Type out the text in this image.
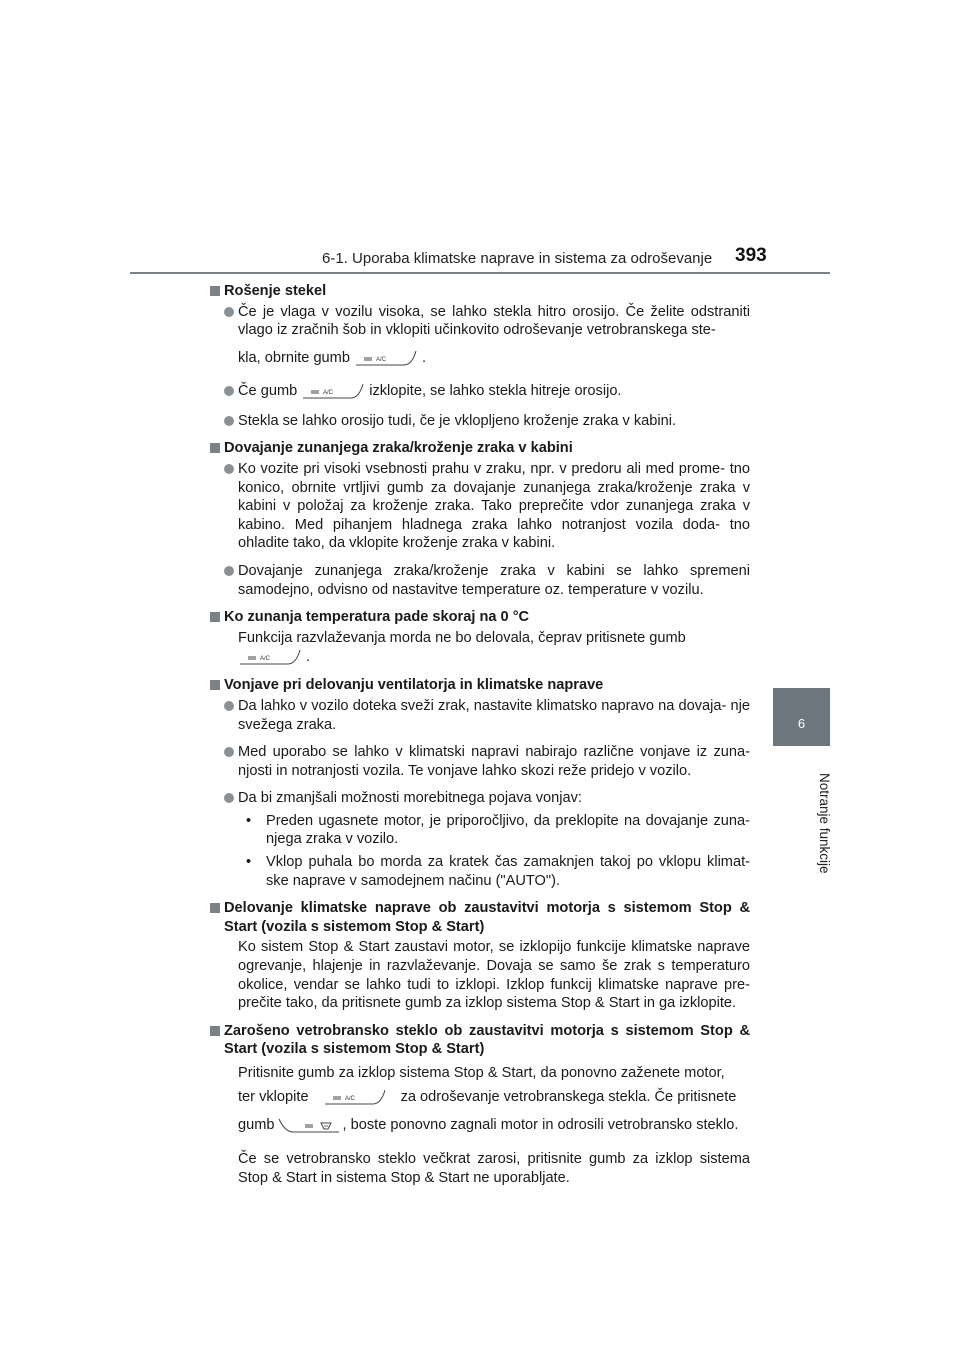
6-1. Uporaba klimatske naprave in sistema za odroševanje 393
6
Notranje funkcije
Rošenje stekel
Če je vlaga v vozilu visoka, se lahko stekla hitro orosijo. Če želite odstraniti vlago iz zračnih šob in vklopiti učinkovito odroševanje vetrobranskega ste-
kla, obrnite gumb	A/C .
Če gumb	A/C izklopite, se lahko stekla hitreje orosijo.
Stekla se lahko orosijo tudi, če je vklopljeno kroženje zraka v kabini.
Dovajanje zunanjega zraka/kroženje zraka v kabini
Ko vozite pri visoki vsebnosti prahu v zraku, npr. v predoru ali med prome- tno konico, obrnite vrtljivi gumb za dovajanje zunanjega zraka/kroženje zraka v kabini v položaj za kroženje zraka. Tako preprečite vdor zunanjega zraka v kabino. Med pihanjem hladnega zraka lahko notranjost vozila doda- tno ohladite tako, da vklopite kroženje zraka v kabini.
Dovajanje zunanjega zraka/kroženje zraka v kabini se lahko spremeni samodejno, odvisno od nastavitve temperature oz. temperature v vozilu.
Ko zunanja temperatura pade skoraj na 0 °C
Funkcija razvlaževanja morda ne bo delovala, čeprav pritisnete gumb

A/C .
Vonjave pri delovanju ventilatorja in klimatske naprave
Da lahko v vozilo doteka sveži zrak, nastavite klimatsko napravo na dovaja- nje svežega zraka.
Med uporabo se lahko v klimatski napravi nabirajo različne vonjave iz zuna- njosti in notranjosti vozila. Te vonjave lahko skozi reže pridejo v vozilo.
Da bi zmanjšali možnosti morebitnega pojava vonjav:
• Preden ugasnete motor, je priporočljivo, da preklopite na dovajanje zuna- njega zraka v vozilo.
• Vklop puhala bo morda za kratek čas zamaknjen takoj po vklopu klimat- ske naprave v samodejnem načinu ("AUTO").
Delovanje klimatske naprave ob zaustavitvi motorja s sistemom Stop & Start (vozila s sistemom Stop & Start)
Ko sistem Stop & Start zaustavi motor, se izklopijo funkcije klimatske naprave ogrevanje, hlajenje in razvlaževanje. Dovaja se samo še zrak s temperaturo okolice, vendar se lahko tudi to izklopi. Izklop funkcij klimatske naprave pre- prečite tako, da pritisnete gumb za izklop sistema Stop & Start in ga izklopite.
Zarošeno vetrobransko steklo ob zaustavitvi motorja s sistemom Stop & Start (vozila s sistemom Stop & Start)
Pritisnite gumb za izklop sistema Stop & Start, da ponovno zaženete motor,
ter vklopite	A/C	za odroševanje vetrobranskega stekla. Če pritisnete
gumb	, boste ponovno zagnali motor in odrosili vetrobransko steklo.
Če se vetrobransko steklo večkrat zarosi, pritisnite gumb za izklop sistema Stop & Start in sistema Stop & Start ne uporabljate.
